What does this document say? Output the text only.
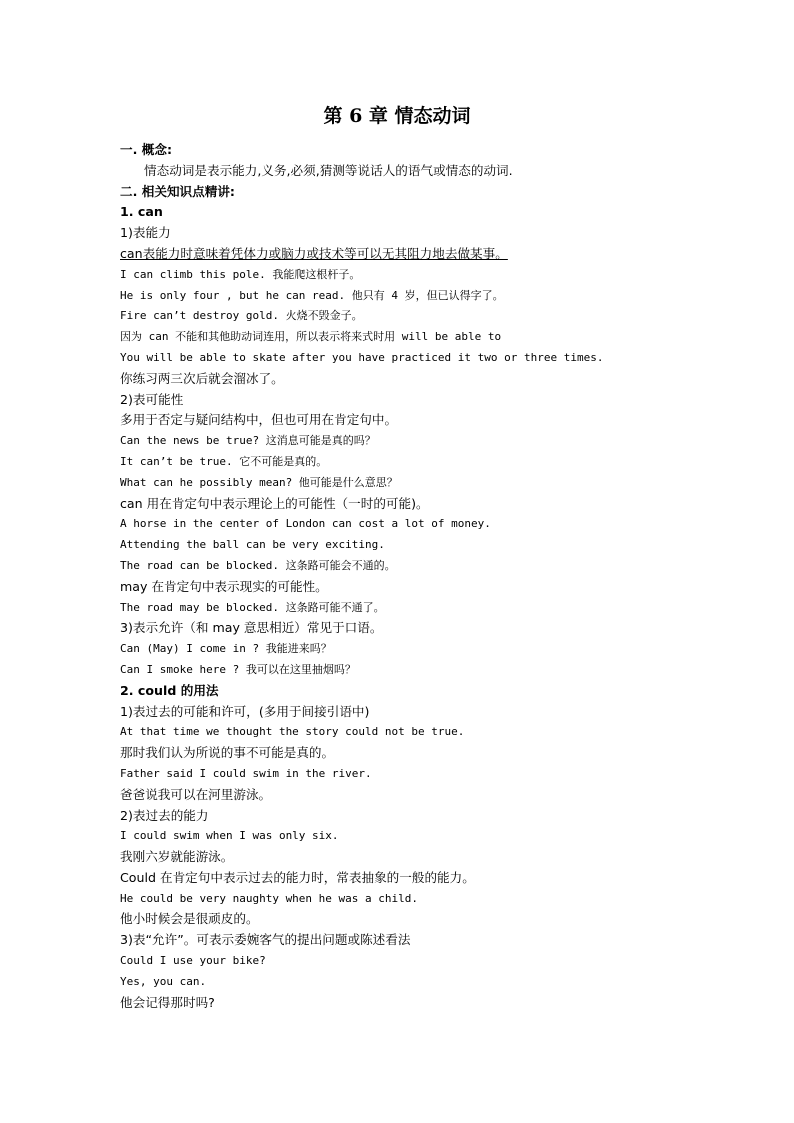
第 6 章 情态动词
一. 概念:
情态动词是表示能力,义务,必须,猜测等说话人的语气或情态的动词.
二. 相关知识点精讲:
1. can
1)表能力
can表能力时意味着凭体力或脑力或技术等可以无其阻力地去做某事。
I can climb this pole. 我能爬这根杆子。
He is only four , but he can read. 他只有 4 岁，但已认得字了。
Fire can’t destroy gold. 火烧不毁金子。
因为 can 不能和其他助动词连用，所以表示将来式时用 will be able to
You will be able to skate after you have practiced it two or three times.
你练习两三次后就会溜冰了。
2)表可能性
多用于否定与疑问结构中，但也可用在肯定句中。
Can the news be true? 这消息可能是真的吗？
It can’t be true. 它不可能是真的。
What can he possibly mean? 他可能是什么意思？
can 用在肯定句中表示理论上的可能性（一时的可能)。
A horse in the center of London can cost a lot of money.
Attending the ball can be very exciting.
The road can be blocked. 这条路可能会不通的。
may 在肯定句中表示现实的可能性。
The road may be blocked. 这条路可能不通了。
3)表示允许（和 may 意思相近）常见于口语。
Can (May) I come in ? 我能进来吗？
Can I smoke here ? 我可以在这里抽烟吗？
2. could 的用法
1)表过去的可能和许可，(多用于间接引语中)
At that time we thought the story could not be true.
那时我们认为所说的事不可能是真的。
Father said I could swim in the river.
爸爸说我可以在河里游泳。
2)表过去的能力
I could swim when I was only six.
我刚六岁就能游泳。
Could 在肯定句中表示过去的能力时，常表抽象的一般的能力。
He could be very naughty when he was a child.
他小时候会是很顽皮的。
3)表“允许”。可表示委婉客气的提出问题或陈述看法
Could I use your bike?
Yes, you can.
他会记得那时吗?
